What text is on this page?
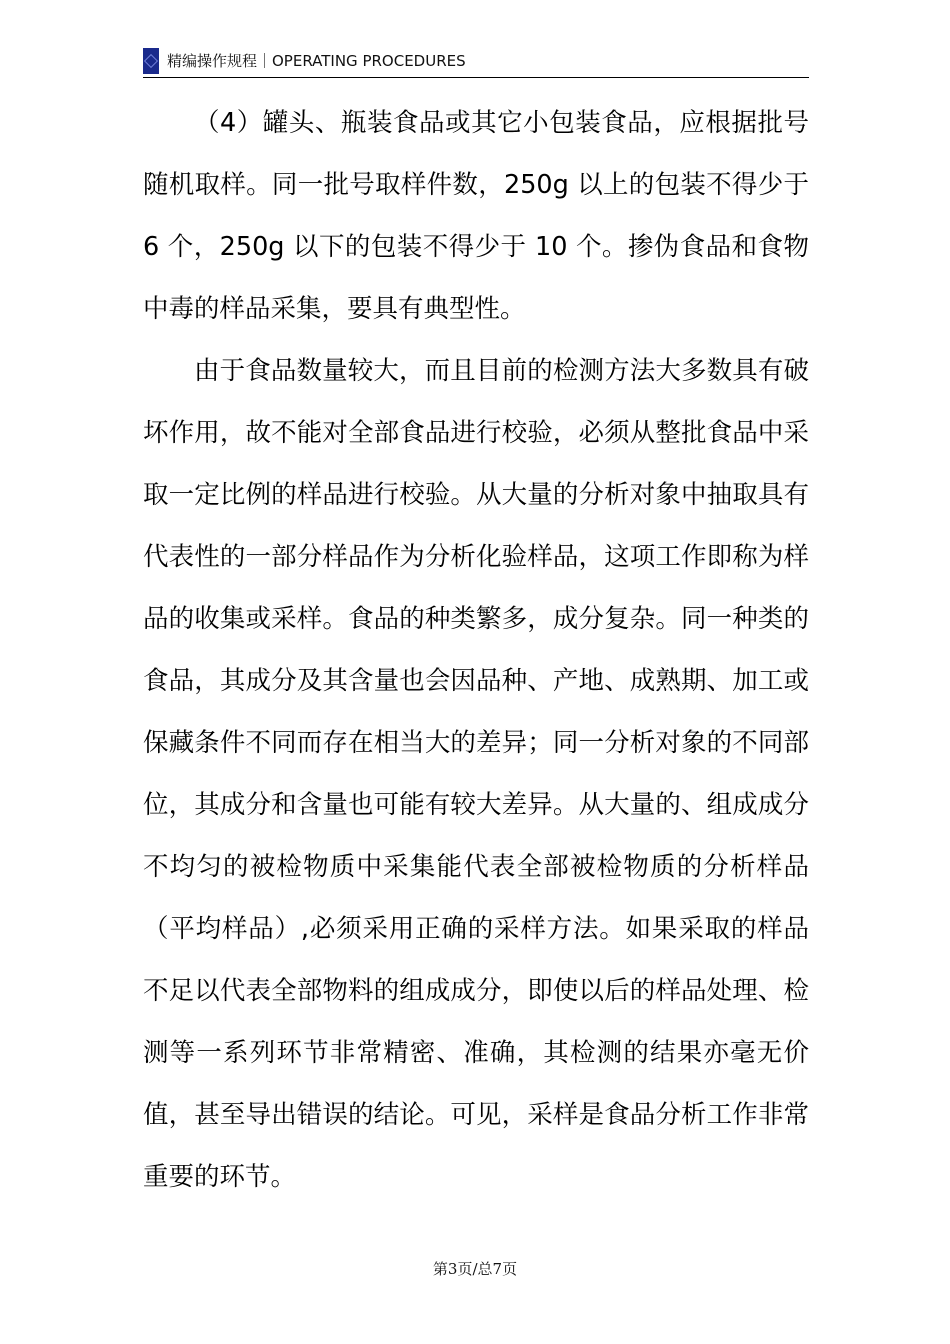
精编操作规程｜OPERATING PROCEDURES

（4）罐头、瓶装食品或其它小包装食品，应根据批号随机取样。同一批号取样件数，250g 以上的包装不得少于 6 个，250g 以下的包装不得少于 10 个。掺伪食品和食物中毒的样品采集，要具有典型性。

由于食品数量较大，而且目前的检测方法大多数具有破坏作用，故不能对全部食品进行校验，必须从整批食品中采取一定比例的样品进行校验。从大量的分析对象中抽取具有代表性的一部分样品作为分析化验样品，这项工作即称为样品的收集或采样。食品的种类繁多，成分复杂。同一种类的食品，其成分及其含量也会因品种、产地、成熟期、加工或保藏条件不同而存在相当大的差异；同一分析对象的不同部位，其成分和含量也可能有较大差异。从大量的、组成成分不均匀的被检物质中采集能代表全部被检物质的分析样品（平均样品）,必须采用正确的采样方法。如果采取的样品不足以代表全部物料的组成成分，即使以后的样品处理、检测等一系列环节非常精密、准确，其检测的结果亦毫无价值，甚至导出错误的结论。可见，采样是食品分析工作非常重要的环节。

第3页/总7页
